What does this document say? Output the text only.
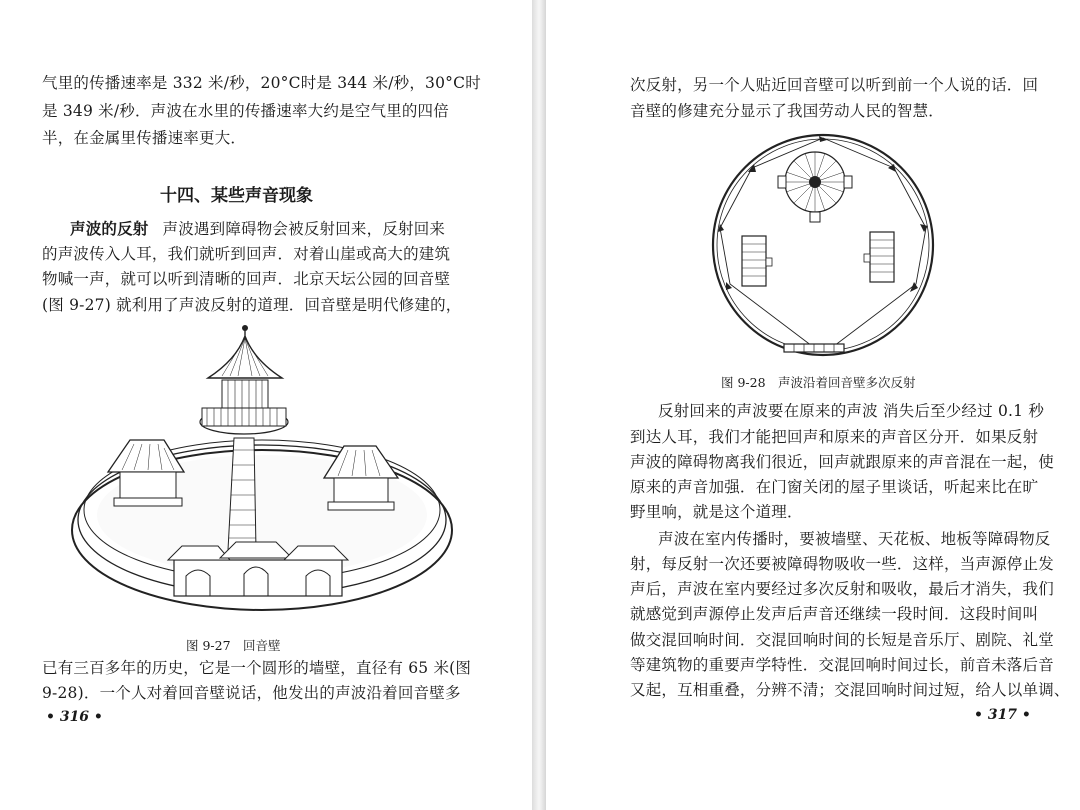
气里的传播速率是 332 米/秒，20°C时是 344 米/秒，30°C时
是 349 米/秒．声波在水里的传播速率大约是空气里的四倍
半，在金属里传播速率更大．
十四、某些声音现象
声波的反射 声波遇到障碍物会被反射回来，反射回来
的声波传入人耳，我们就听到回声．对着山崖或高大的建筑
物喊一声，就可以听到清晰的回声．北京天坛公园的回音壁
(图 9-27) 就利用了声波反射的道理．回音壁是明代修建的，
图 9-27　回音壁
已有三百多年的历史，它是一个圆形的墙壁，直径有 65 米(图
9-28)．一个人对着回音壁说话，他发出的声波沿着回音壁多
• 316 •
次反射，另一个人贴近回音壁可以听到前一个人说的话．回
音壁的修建充分显示了我国劳动人民的智慧．
图 9-28　声波沿着回音壁多次反射
反射回来的声波要在原来的声波 消失后至少经过 0.1 秒
到达人耳，我们才能把回声和原来的声音区分开．如果反射
声波的障碍物离我们很近，回声就跟原来的声音混在一起，使
原来的声音加强．在门窗关闭的屋子里谈话，听起来比在旷
野里响，就是这个道理．
声波在室内传播时，要被墙壁、天花板、地板等障碍物反
射，每反射一次还要被障碍物吸收一些．这样，当声源停止发
声后，声波在室内要经过多次反射和吸收，最后才消失，我们
就感觉到声源停止发声后声音还继续一段时间．这段时间叫
做交混回响时间．交混回响时间的长短是音乐厅、剧院、礼堂
等建筑物的重要声学特性．交混回响时间过长，前音未落后音
又起，互相重叠，分辨不清；交混回响时间过短，给人以单调、
• 317 •
